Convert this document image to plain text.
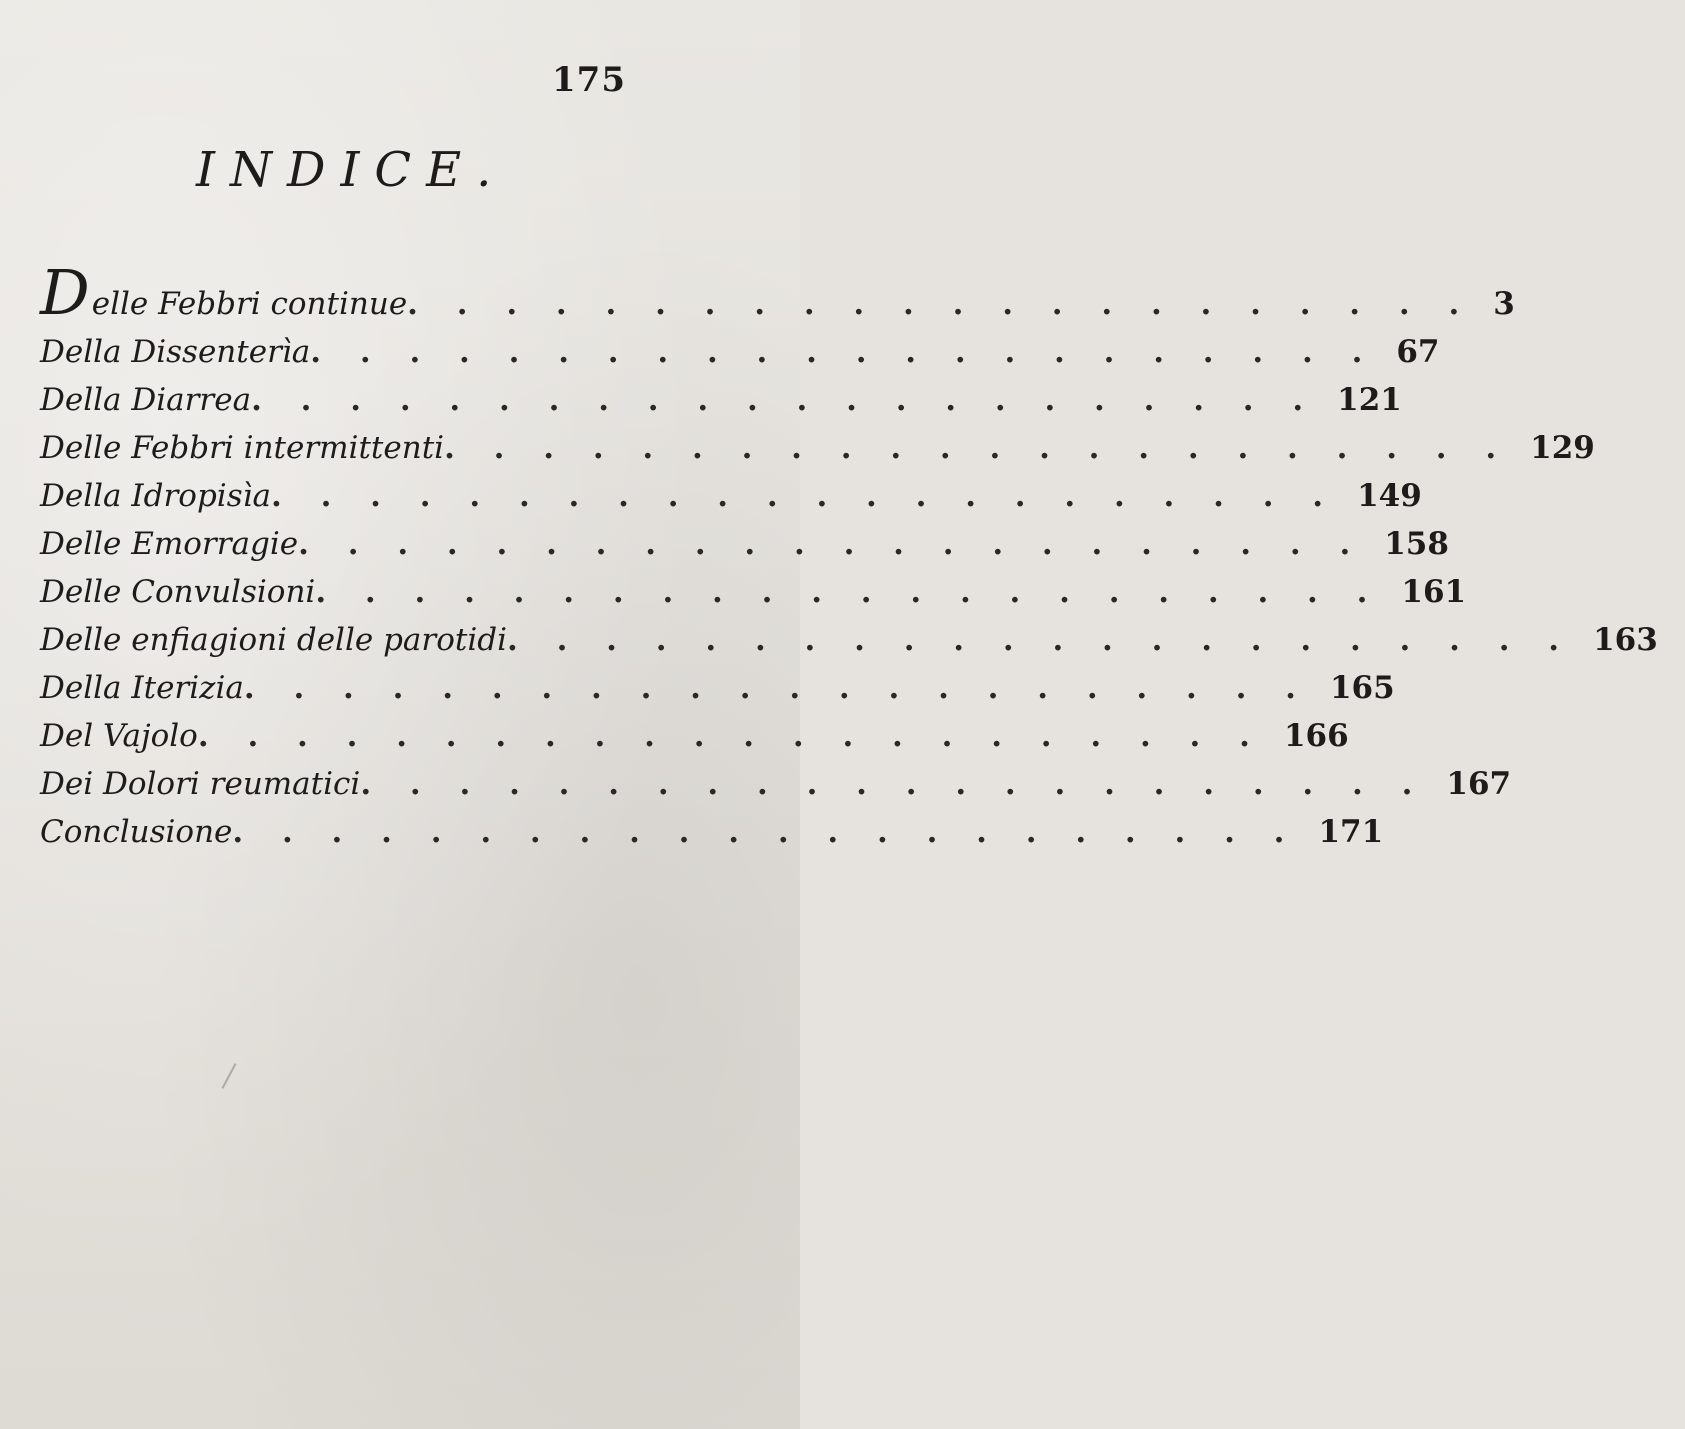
175
INDICE.
Delle Febbri continue . . . . . . . . . . . . . . . . . . . . . . 3
Della Dissenterìa . . . . . . . . . . . . . . . . . . . . . . 67
Della Diarrea . . . . . . . . . . . . . . . . . . . . . . 121
Delle Febbri intermittenti . . . . . . . . . . . . . . . . . . . . . . 129
Della Idropisìa . . . . . . . . . . . . . . . . . . . . . . 149
Delle Emorragie . . . . . . . . . . . . . . . . . . . . . . 158
Delle Convulsioni . . . . . . . . . . . . . . . . . . . . . . 161
Delle enfiagioni delle parotidi . . . . . . . . . . . . . . . . . . . . . . 163
Della Iterizia . . . . . . . . . . . . . . . . . . . . . . 165
Del Vajolo . . . . . . . . . . . . . . . . . . . . . . 166
Dei Dolori reumatici . . . . . . . . . . . . . . . . . . . . . . 167
Conclusione . . . . . . . . . . . . . . . . . . . . . . 171
